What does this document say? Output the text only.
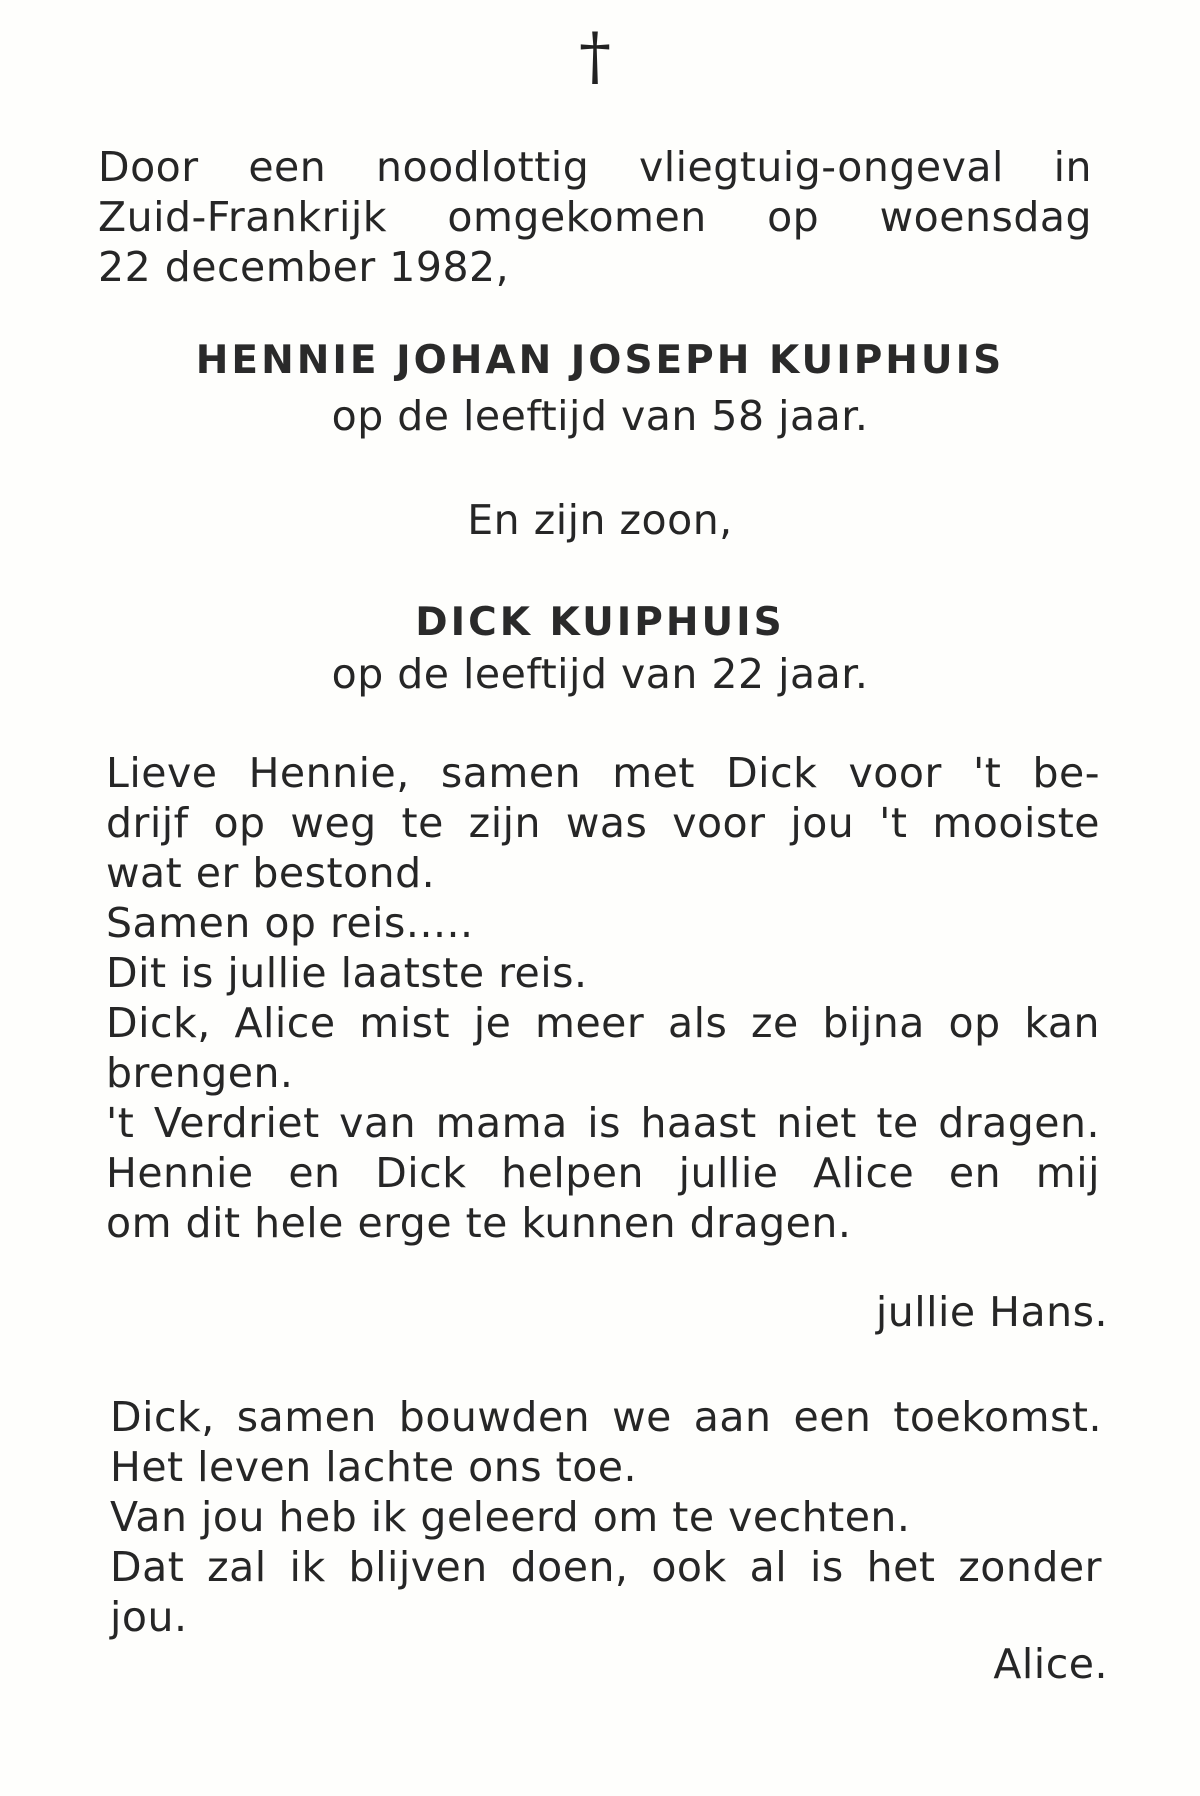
†
Door een noodlottig vliegtuig-ongeval in
Zuid-Frankrijk omgekomen op woensdag
22 december 1982,
HENNIE JOHAN JOSEPH KUIPHUIS
op de leeftijd van 58 jaar.
En zijn zoon,
DICK KUIPHUIS
op de leeftijd van 22 jaar.
Lieve Hennie, samen met Dick voor 't be-
drijf op weg te zijn was voor jou 't mooiste
wat er bestond.
Samen op reis.....
Dit is jullie laatste reis.
Dick, Alice mist je meer als ze bijna op kan
brengen.
't Verdriet van mama is haast niet te dragen.
Hennie en Dick helpen jullie Alice en mij
om dit hele erge te kunnen dragen.
jullie Hans.
Dick, samen bouwden we aan een toekomst.
Het leven lachte ons toe.
Van jou heb ik geleerd om te vechten.
Dat zal ik blijven doen, ook al is het zonder
jou.
Alice.
